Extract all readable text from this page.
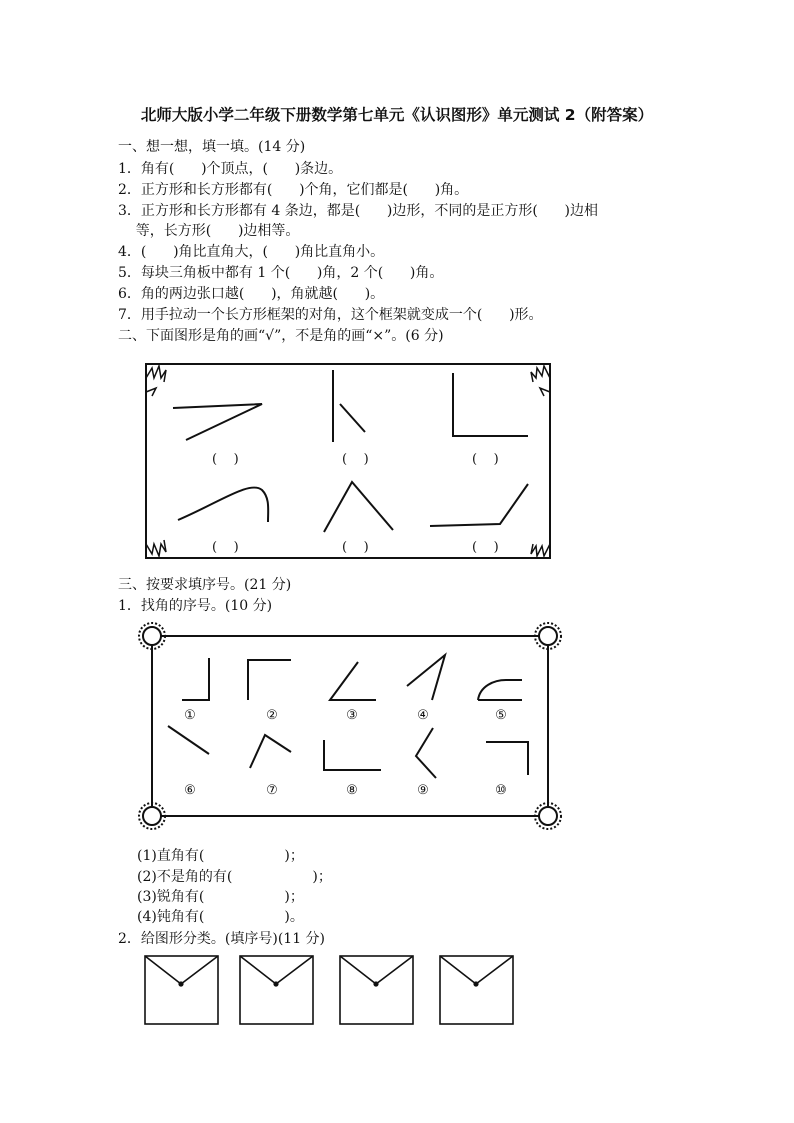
北师大版小学二年级下册数学第七单元《认识图形》单元测试 2（附答案）
一、想一想，填一填。(14 分)
1．角有(      )个顶点，(      )条边。
2．正方形和长方形都有(      )个角，它们都是(      )角。
3．正方形和长方形都有 4 条边，都是(      )边形，不同的是正方形(      )边相
等，长方形(      )边相等。
4．(      )角比直角大，(      )角比直角小。
5．每块三角板中都有 1 个(      )角，2 个(      )角。
6．角的两边张口越(      )，角就越(      )。
7．用手拉动一个长方形框架的对角，这个框架就变成一个(      )形。
二、下面图形是角的画“√”，不是角的画“×”。(6 分)
(    )	(    )	(    )
(    )	(    )	(    )
三、按要求填序号。(21 分)
1．找角的序号。(10 分)
①	②	③	④	⑤
⑥	⑦	⑧	⑨	⑩
(1)直角有(                  )；
(2)不是角的有(                  )；
(3)锐角有(                  )；
(4)钝角有(                  )。
2．给图形分类。(填序号)(11 分)
